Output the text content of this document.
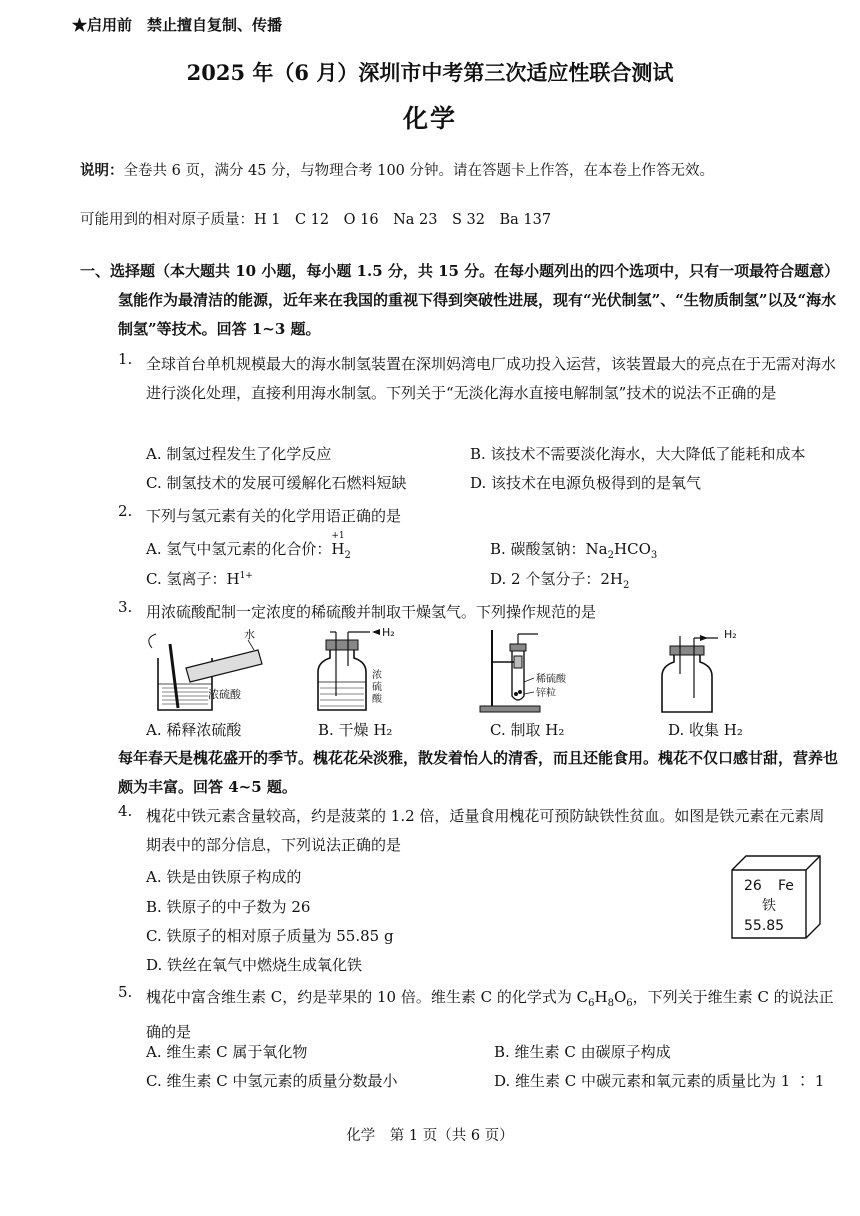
★启用前　禁止擅自复制、传播
2025 年（6 月）深圳市中考第三次适应性联合测试
化学
说明：全卷共 6 页，满分 45 分，与物理合考 100 分钟。请在答题卡上作答，在本卷上作答无效。
可能用到的相对原子质量：H 1　C 12　O 16　Na 23　S 32　Ba 137
一、选择题（本大题共 10 小题，每小题 1.5 分，共 15 分。在每小题列出的四个选项中，只有一项最符合题意）
氢能作为最清洁的能源，近年来在我国的重视下得到突破性进展，现有“光伏制氢”、“生物质制氢”以及“海水制氢”等技术。回答 1~3 题。
1. 全球首台单机规模最大的海水制氢装置在深圳妈湾电厂成功投入运营，该装置最大的亮点在于无需对海水进行淡化处理，直接利用海水制氢。下列关于“无淡化海水直接电解制氢”技术的说法不正确的是
A. 制氢过程发生了化学反应	B. 该技术不需要淡化海水，大大降低了能耗和成本
C. 制氢技术的发展可缓解化石燃料短缺	D. 该技术在电源负极得到的是氧气
2. 下列与氢元素有关的化学用语正确的是
A. 氢气中氢元素的化合价：
+1
$H_2$	B. 碳酸氢钠：$Na_2HCO_3$
C. 氢离子：$H^{1+}$	D. 2 个氢分子：$2H_2$
3. 用浓硫酸配制一定浓度的稀硫酸并制取干燥氢气。下列操作规范的是
水
浓硫酸
H₂
浓
硫
酸
稀硫酸
锌粒
H₂
A. 稀释浓硫酸	B. 干燥 H₂	C. 制取 H₂	D. 收集 H₂
每年春天是槐花盛开的季节。槐花花朵淡雅，散发着怡人的清香，而且还能食用。槐花不仅口感甘甜，营养也颇为丰富。回答 4~5 题。
4. 槐花中铁元素含量较高，约是菠菜的 1.2 倍，适量食用槐花可预防缺铁性贫血。如图是铁元素在元素周期表中的部分信息，下列说法正确的是
A. 铁是由铁原子构成的
B. 铁原子的中子数为 26
C. 铁原子的相对原子质量为 55.85 g
D. 铁丝在氧气中燃烧生成氧化铁
26 Fe
铁
55.85
5. 槐花中富含维生素 C，约是苹果的 10 倍。维生素 C 的化学式为 $C_6H_8O_6$，下列关于维生素 C 的说法正确的是
A. 维生素 C 属于氧化物	B. 维生素 C 由碳原子构成
C. 维生素 C 中氢元素的质量分数最小	D. 维生素 C 中碳元素和氧元素的质量比为 1 ∶ 1
化学　第 1 页（共 6 页）
